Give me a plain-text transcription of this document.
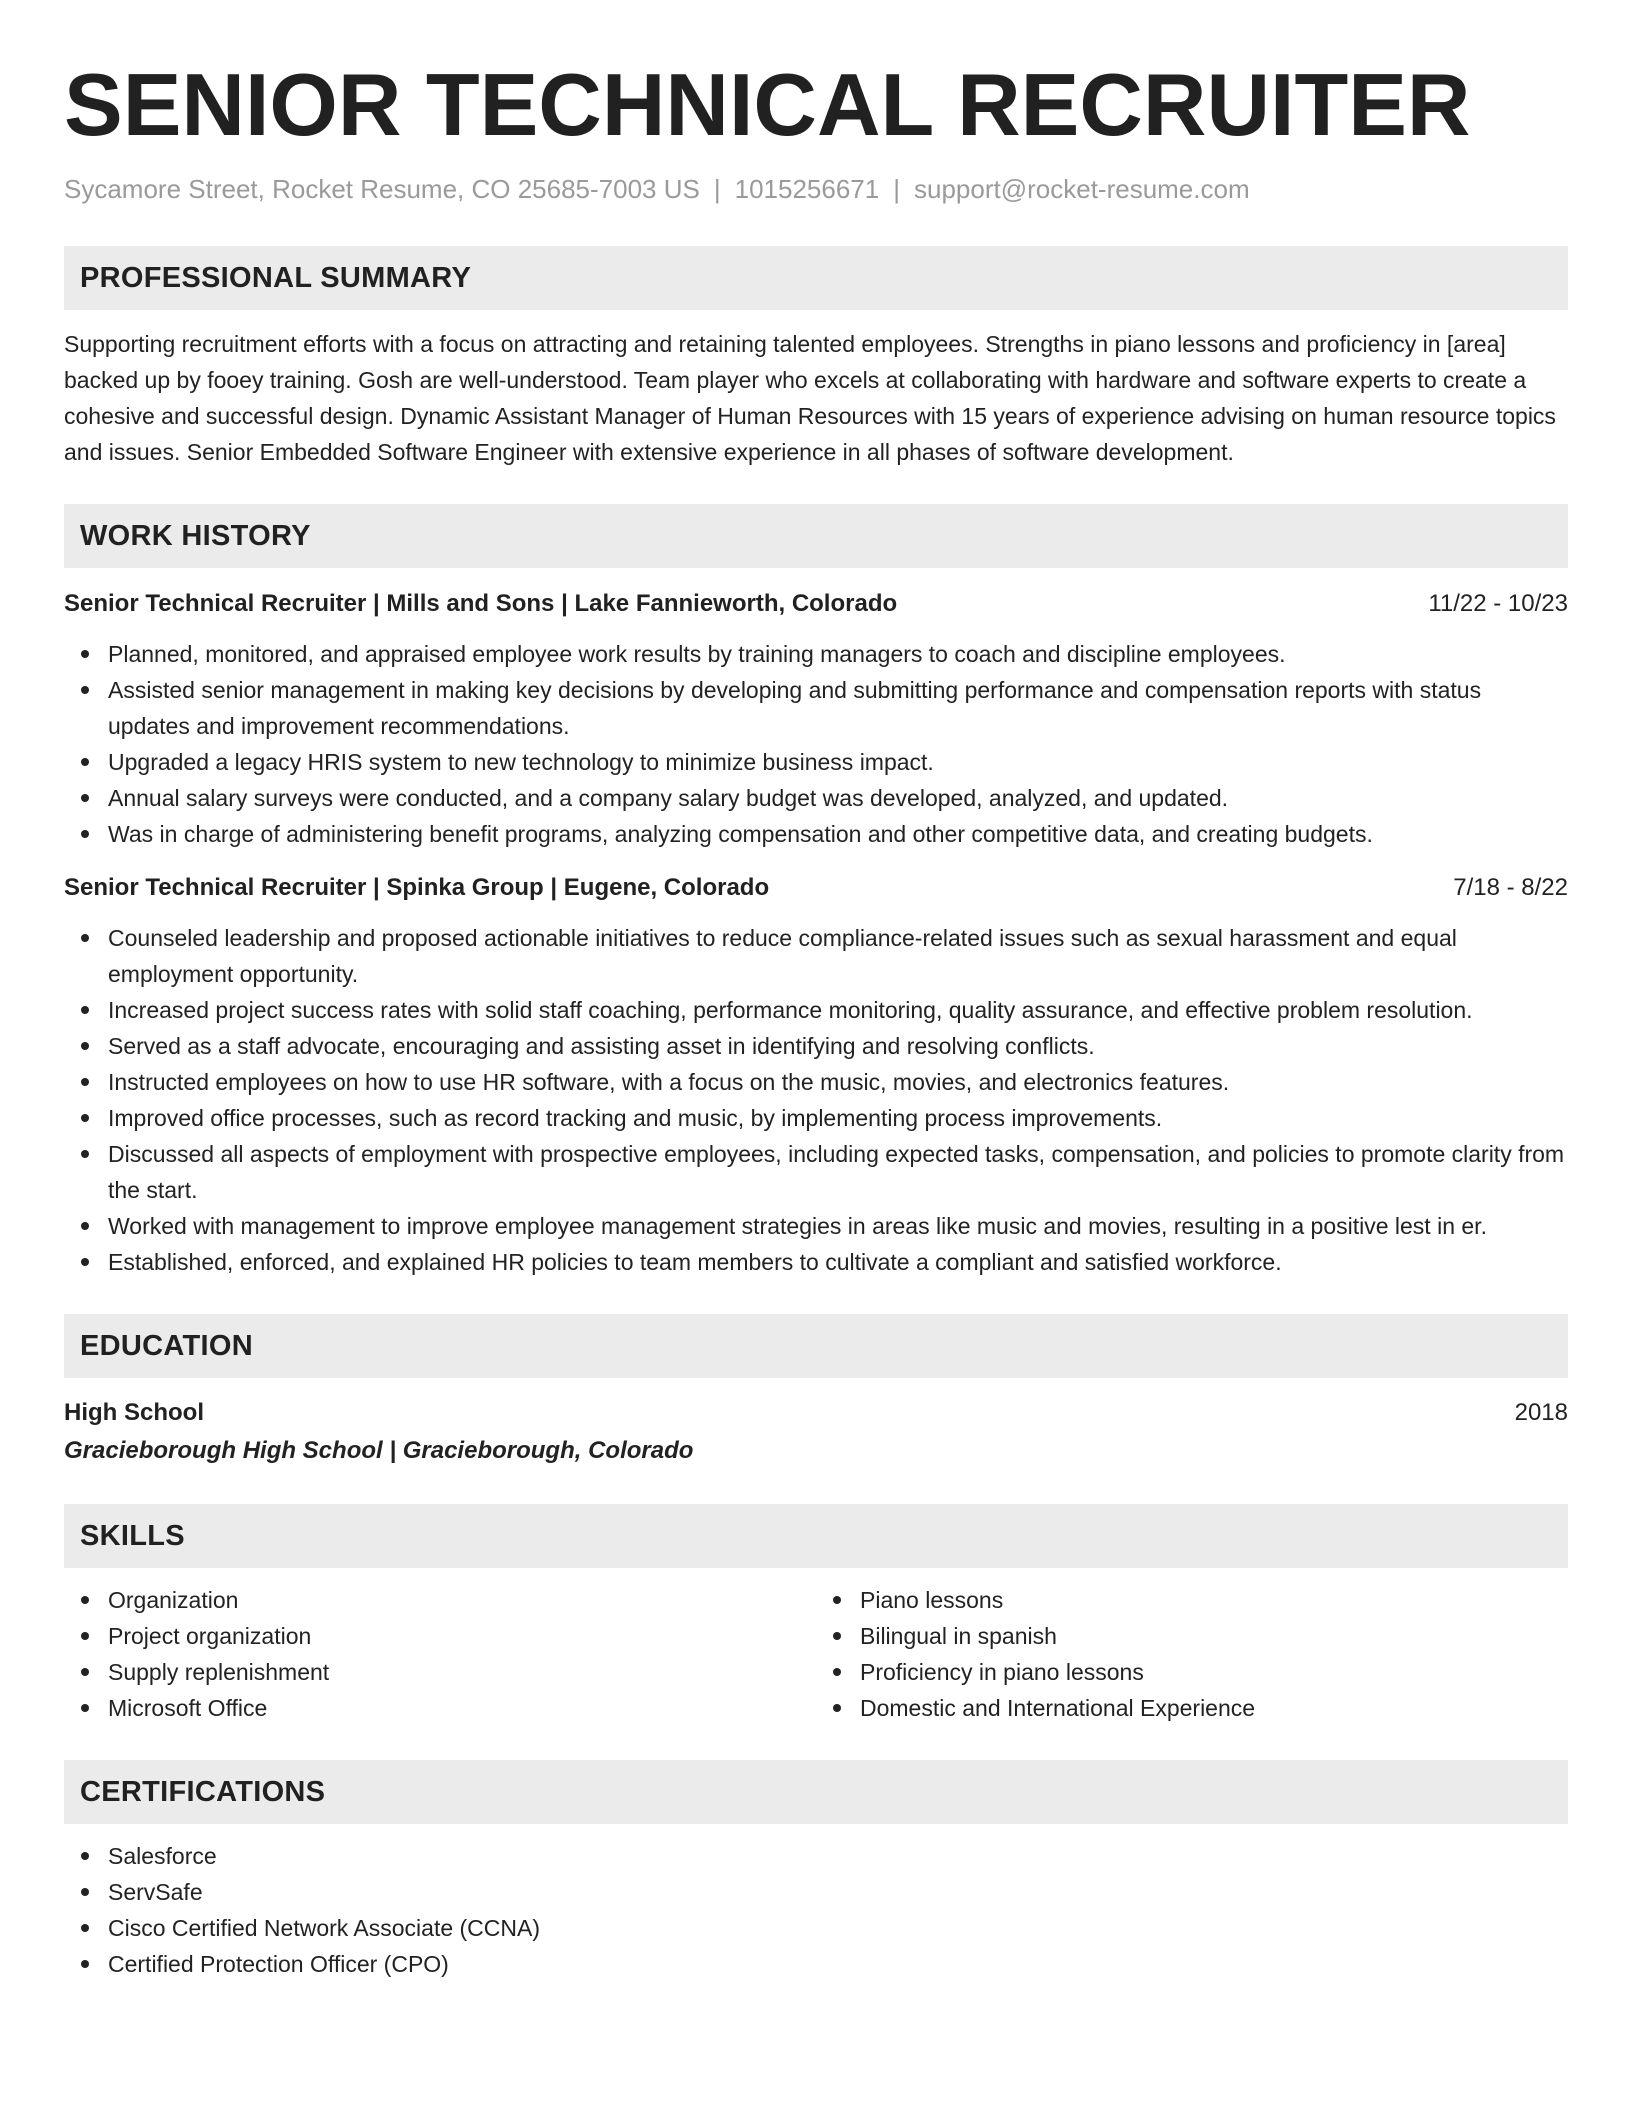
SENIOR TECHNICAL RECRUITER
Sycamore Street, Rocket Resume, CO 25685-7003 US | 1015256671 | support@rocket-resume.com
PROFESSIONAL SUMMARY

Supporting recruitment efforts with a focus on attracting and retaining talented employees. Strengths in piano lessons and proficiency in [area] backed up by fooey training. Gosh are well-understood. Team player who excels at collaborating with hardware and software experts to create a cohesive and successful design. Dynamic Assistant Manager of Human Resources with 15 years of experience advising on human resource topics and issues. Senior Embedded Software Engineer with extensive experience in all phases of software development.

WORK HISTORY
Senior Technical Recruiter | Mills and Sons | Lake Fannieworth, Colorado	11/22 - 10/23
Planned, monitored, and appraised employee work results by training managers to coach and discipline employees.
Assisted senior management in making key decisions by developing and submitting performance and compensation reports with status updates and improvement recommendations.
Upgraded a legacy HRIS system to new technology to minimize business impact.
Annual salary surveys were conducted, and a company salary budget was developed, analyzed, and updated.
Was in charge of administering benefit programs, analyzing compensation and other competitive data, and creating budgets.
Senior Technical Recruiter | Spinka Group | Eugene, Colorado	7/18 - 8/22
Counseled leadership and proposed actionable initiatives to reduce compliance-related issues such as sexual harassment and equal employment opportunity.
Increased project success rates with solid staff coaching, performance monitoring, quality assurance, and effective problem resolution.
Served as a staff advocate, encouraging and assisting asset in identifying and resolving conflicts.
Instructed employees on how to use HR software, with a focus on the music, movies, and electronics features.
Improved office processes, such as record tracking and music, by implementing process improvements.
Discussed all aspects of employment with prospective employees, including expected tasks, compensation, and policies to promote clarity from the start.
Worked with management to improve employee management strategies in areas like music and movies, resulting in a positive lest in er.
Established, enforced, and explained HR policies to team members to cultivate a compliant and satisfied workforce.
EDUCATION
High School	2018
Gracieborough High School | Gracieborough, Colorado
SKILLS
Organization
Project organization
Supply replenishment
Microsoft Office
Piano lessons
Bilingual in spanish
Proficiency in piano lessons
Domestic and International Experience
CERTIFICATIONS
Salesforce
ServSafe
Cisco Certified Network Associate (CCNA)
Certified Protection Officer (CPO)
